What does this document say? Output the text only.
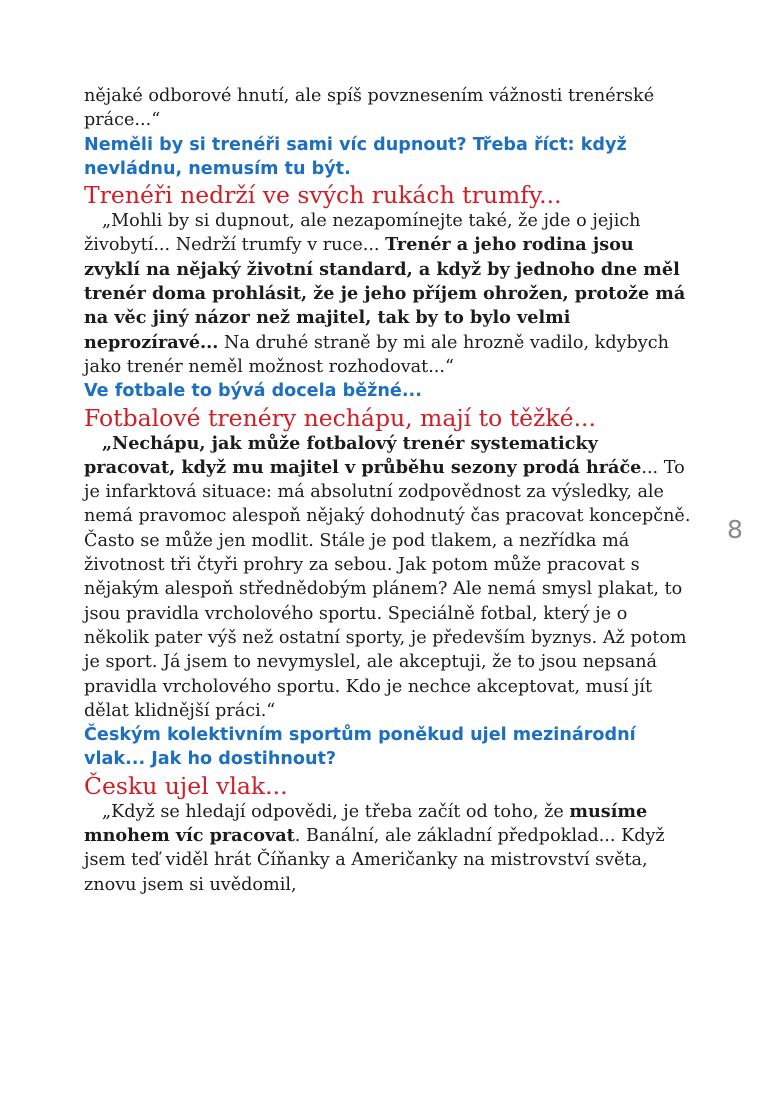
nějaké odborové hnutí, ale spíš povznesením vážnosti trenérské práce...“

Neměli by si trenéři sami víc dupnout? Třeba říct: když nevládnu, nemusím tu být.

Trenéři nedrží ve svých rukách trumfy...

„Mohli by si dupnout, ale nezapomínejte také, že jde o jejich živobytí... Nedrží trumfy v ruce... Trenér a jeho rodina jsou zvyklí na nějaký životní standard, a když by jednoho dne měl trenér doma prohlásit, že je jeho příjem ohrožen, protože má na věc jiný názor než majitel, tak by to bylo velmi neprozíravé... Na druhé straně by mi ale hrozně vadilo, kdybych jako trenér neměl možnost rozhodovat...“

Ve fotbale to bývá docela běžné...

Fotbalové trenéry nechápu, mají to těžké...

„Nechápu, jak může fotbalový trenér systematicky pracovat, když mu majitel v průběhu sezony prodá hráče... To je infarktová situace: má absolutní zodpovědnost za výsledky, ale nemá pravomoc alespoň nějaký dohodnutý čas pracovat koncepčně. Často se může jen modlit. Stále je pod tlakem, a nezřídka má životnost tři čtyři prohry za sebou. Jak potom může pracovat s nějakým alespoň střednědobým plánem? Ale nemá smysl plakat, to jsou pravidla vrcholového sportu. Speciálně fotbal, který je o několik pater výš než ostatní sporty, je především byznys. Až potom je sport. Já jsem to nevymyslel, ale akceptuji, že to jsou nepsaná pravidla vrcholového sportu. Kdo je nechce akceptovat, musí jít dělat klidnější práci.“

Českým kolektivním sportům poněkud ujel mezinárodní vlak... Jak ho dostihnout?

Česku ujel vlak...

„Když se hledají odpovědi, je třeba začít od toho, že musíme mnohem víc pracovat. Banální, ale základní předpoklad... Když jsem teď viděl hrát Číňanky a Američanky na mistrovství světa, znovu jsem si uvědomil,

8
